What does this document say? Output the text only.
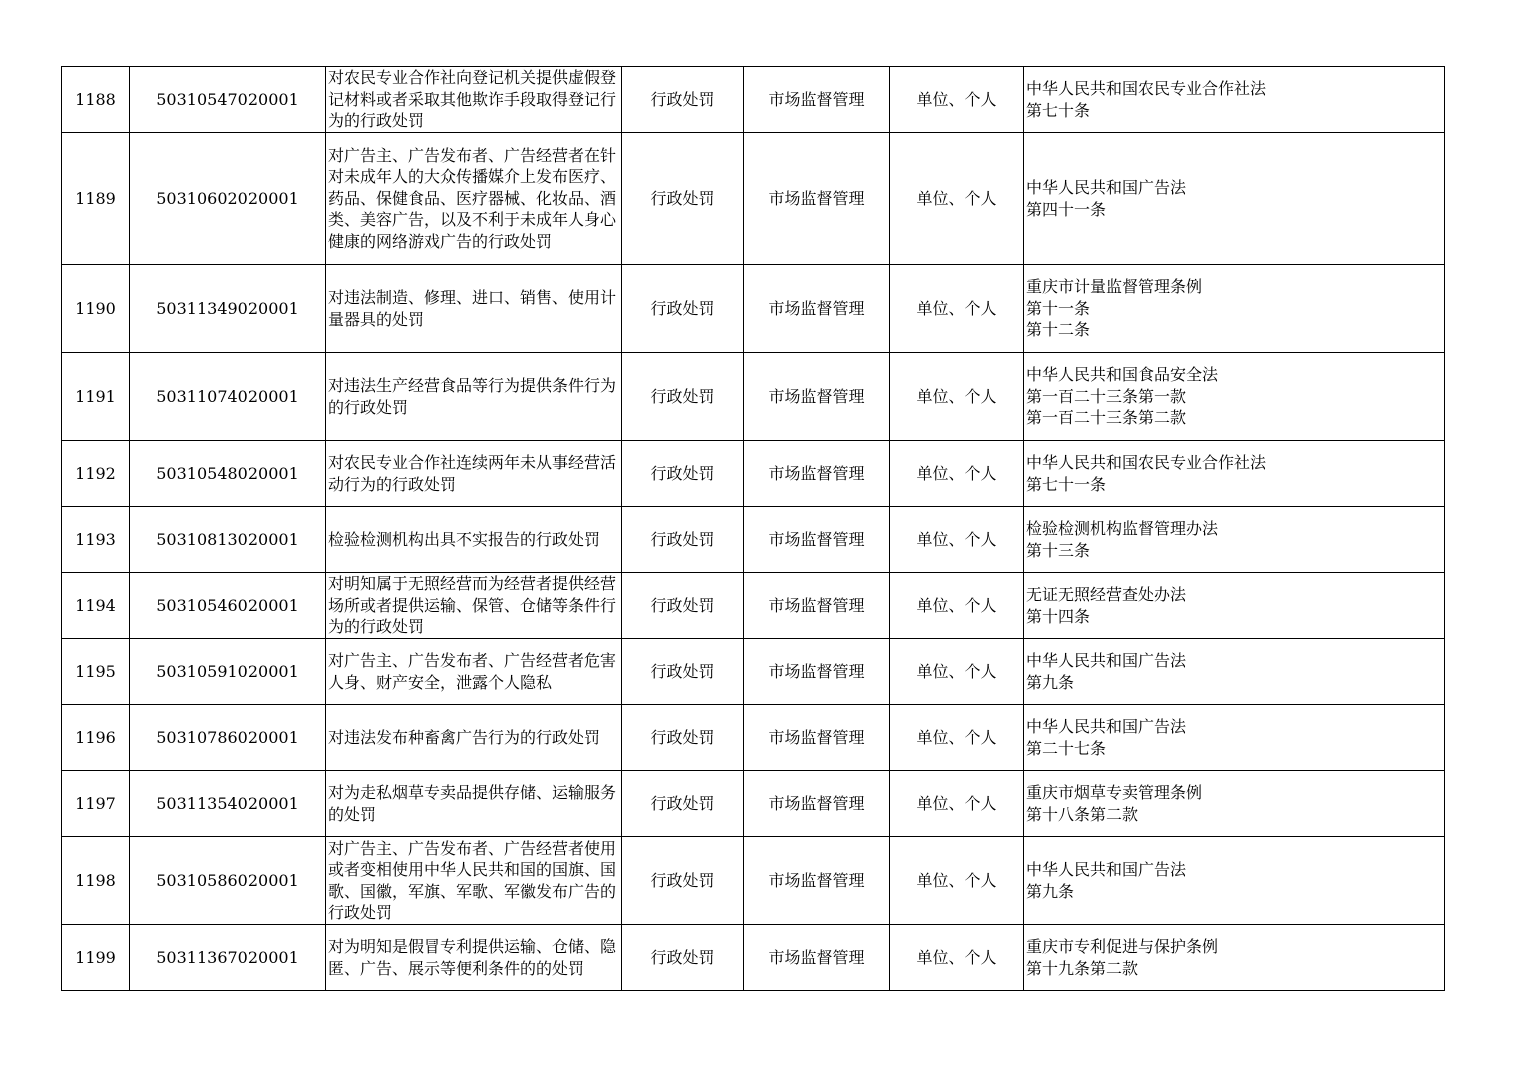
1188	50310547020001	对农民专业合作社向登记机关提供虚假登记材料或者采取其他欺诈手段取得登记行为的行政处罚	行政处罚	市场监督管理	单位、个人	中华人民共和国农民专业合作社法
第七十条

1189	50310602020001	对广告主、广告发布者、广告经营者在针对未成年人的大众传播媒介上发布医疗、药品、保健食品、医疗器械、化妆品、酒类、美容广告，以及不利于未成年人身心健康的网络游戏广告的行政处罚	行政处罚	市场监督管理	单位、个人	中华人民共和国广告法
第四十一条

1190	50311349020001	对违法制造、修理、进口、销售、使用计量器具的处罚	行政处罚	市场监督管理	单位、个人	重庆市计量监督管理条例
第十一条
第十二条

1191	50311074020001	对违法生产经营食品等行为提供条件行为的行政处罚	行政处罚	市场监督管理	单位、个人	中华人民共和国食品安全法
第一百二十三条第一款
第一百二十三条第二款

1192	50310548020001	对农民专业合作社连续两年未从事经营活动行为的行政处罚	行政处罚	市场监督管理	单位、个人	中华人民共和国农民专业合作社法
第七十一条

1193	50310813020001	检验检测机构出具不实报告的行政处罚	行政处罚	市场监督管理	单位、个人	检验检测机构监督管理办法
第十三条

1194	50310546020001	对明知属于无照经营而为经营者提供经营场所或者提供运输、保管、仓储等条件行为的行政处罚	行政处罚	市场监督管理	单位、个人	无证无照经营查处办法
第十四条

1195	50310591020001	对广告主、广告发布者、广告经营者危害人身、财产安全，泄露个人隐私	行政处罚	市场监督管理	单位、个人	中华人民共和国广告法
第九条

1196	50310786020001	对违法发布种畜禽广告行为的行政处罚	行政处罚	市场监督管理	单位、个人	中华人民共和国广告法
第二十七条

1197	50311354020001	对为走私烟草专卖品提供存储、运输服务的处罚	行政处罚	市场监督管理	单位、个人	重庆市烟草专卖管理条例
第十八条第二款

1198	50310586020001	对广告主、广告发布者、广告经营者使用或者变相使用中华人民共和国的国旗、国歌、国徽，军旗、军歌、军徽发布广告的行政处罚	行政处罚	市场监督管理	单位、个人	中华人民共和国广告法
第九条

1199	50311367020001	对为明知是假冒专利提供运输、仓储、隐匿、广告、展示等便利条件的的处罚	行政处罚	市场监督管理	单位、个人	重庆市专利促进与保护条例
第十九条第二款
